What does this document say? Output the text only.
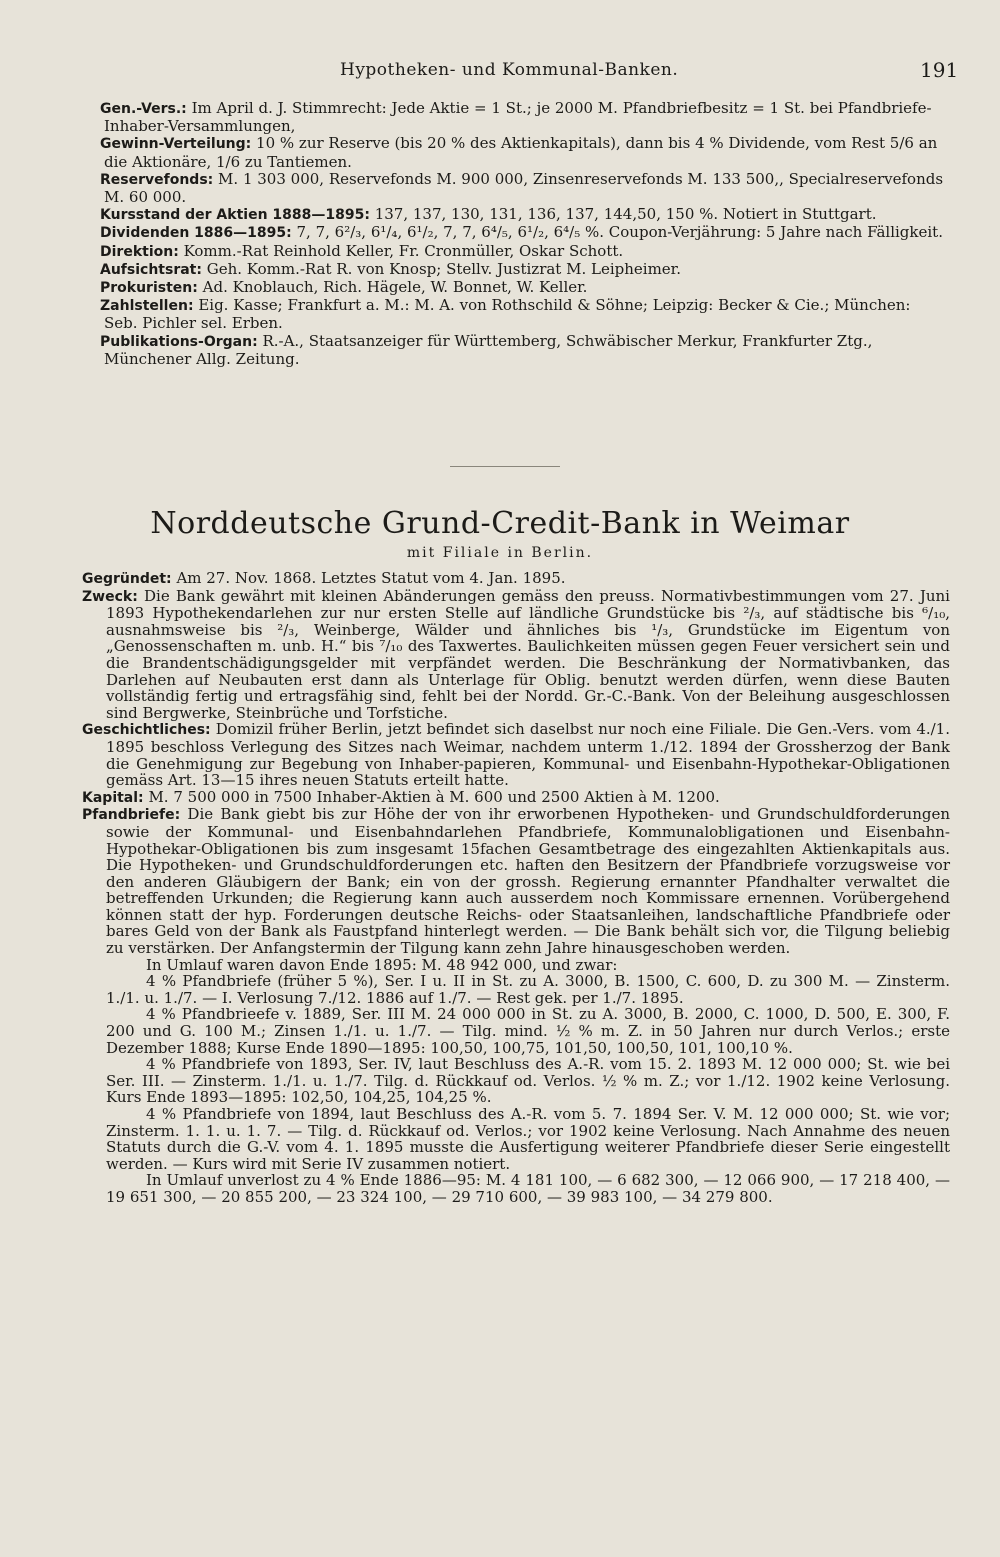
Hypotheken- und Kommunal-Banken.	191

Gen.-Vers.: Im April d. J. Stimmrecht: Jede Aktie = 1 St.; je 2000 M. Pfandbriefbesitz = 1 St. bei Pfandbriefe-Inhaber-Versammlungen,

Gewinn-Verteilung: 10 % zur Reserve (bis 20 % des Aktienkapitals), dann bis 4 % Dividende, vom Rest 5/6 an die Aktionäre, 1/6 zu Tantiemen.

Reservefonds: M. 1 303 000, Reservefonds M. 900 000, Zinsenreservefonds M. 133 500,, Specialreservefonds M. 60 000.

Kursstand der Aktien 1888—1895: 137, 137, 130, 131, 136, 137, 144,50, 150 %. Notiert in Stuttgart.

Dividenden 1886—1895: 7, 7, 6²/₃, 6¹/₄, 6¹/₂, 7, 7, 6⁴/₅, 6¹/₂, 6⁴/₅ %. Coupon-Verjährung: 5 Jahre nach Fälligkeit.

Direktion: Komm.-Rat Reinhold Keller, Fr. Cronmüller, Oskar Schott.

Aufsichtsrat: Geh. Komm.-Rat R. von Knosp; Stellv. Justizrat M. Leipheimer.

Prokuristen: Ad. Knoblauch, Rich. Hägele, W. Bonnet, W. Keller.

Zahlstellen: Eig. Kasse; Frankfurt a. M.: M. A. von Rothschild & Söhne; Leipzig: Becker & Cie.; München: Seb. Pichler sel. Erben.

Publikations-Organ: R.-A., Staatsanzeiger für Württemberg, Schwäbischer Merkur, Frankfurter Ztg., Münchener Allg. Zeitung.

Norddeutsche Grund-Credit-Bank in Weimar
mit Filiale in Berlin.

Gegründet: Am 27. Nov. 1868. Letztes Statut vom 4. Jan. 1895.

Zweck: Die Bank gewährt mit kleinen Abänderungen gemäss den preuss. Normativbestimmungen vom 27. Juni 1893 Hypothekendarlehen zur nur ersten Stelle auf ländliche Grundstücke bis ²/₃, auf städtische bis ⁶/₁₀, ausnahmsweise bis ²/₃, Weinberge, Wälder und ähnliches bis ¹/₃, Grundstücke im Eigentum von „Genossenschaften m. unb. H.“ bis ⁷/₁₀ des Taxwertes. Baulichkeiten müssen gegen Feuer versichert sein und die Brandentschädigungsgelder mit verpfändet werden. Die Beschränkung der Normativbanken, das Darlehen auf Neubauten erst dann als Unterlage für Oblig. benutzt werden dürfen, wenn diese Bauten vollständig fertig und ertragsfähig sind, fehlt bei der Nordd. Gr.-C.-Bank. Von der Beleihung ausgeschlossen sind Bergwerke, Steinbrüche und Torfstiche.

Geschichtliches: Domizil früher Berlin, jetzt befindet sich daselbst nur noch eine Filiale. Die Gen.-Vers. vom 4./1. 1895 beschloss Verlegung des Sitzes nach Weimar, nachdem unterm 1./12. 1894 der Grossherzog der Bank die Genehmigung zur Begebung von Inhaber-papieren, Kommunal- und Eisenbahn-Hypothekar-Obligationen gemäss Art. 13—15 ihres neuen Statuts erteilt hatte.

Kapital: M. 7 500 000 in 7500 Inhaber-Aktien à M. 600 und 2500 Aktien à M. 1200.

Pfandbriefe: Die Bank giebt bis zur Höhe der von ihr erworbenen Hypotheken- und Grundschuldforderungen sowie der Kommunal- und Eisenbahndarlehen Pfandbriefe, Kommunalobligationen und Eisenbahn-Hypothekar-Obligationen bis zum insgesamt 15fachen Gesamtbetrage des eingezahlten Aktienkapitals aus. Die Hypotheken- und Grundschuldforderungen etc. haften den Besitzern der Pfandbriefe vorzugsweise vor den anderen Gläubigern der Bank; ein von der grossh. Regierung ernannter Pfandhalter verwaltet die betreffenden Urkunden; die Regierung kann auch ausserdem noch Kommissare ernennen. Vorübergehend können statt der hyp. Forderungen deutsche Reichs- oder Staatsanleihen, landschaftliche Pfandbriefe oder bares Geld von der Bank als Faustpfand hinterlegt werden. — Die Bank behält sich vor, die Tilgung beliebig zu verstärken. Der Anfangstermin der Tilgung kann zehn Jahre hinausgeschoben werden.

In Umlauf waren davon Ende 1895: M. 48 942 000, und zwar:

4 % Pfandbriefe (früher 5 %), Ser. I u. II in St. zu A. 3000, B. 1500, C. 600, D. zu 300 M. — Zinsterm. 1./1. u. 1./7. — I. Verlosung 7./12. 1886 auf 1./7. — Rest gek. per 1./7. 1895.

4 % Pfandbrieefe v. 1889, Ser. III M. 24 000 000 in St. zu A. 3000, B. 2000, C. 1000, D. 500, E. 300, F. 200 und G. 100 M.; Zinsen 1./1. u. 1./7. — Tilg. mind. ½ % m. Z. in 50 Jahren nur durch Verlos.; erste Dezember 1888; Kurse Ende 1890—1895: 100,50, 100,75, 101,50, 100,50, 101, 100,10 %.

4 % Pfandbriefe von 1893, Ser. IV, laut Beschluss des A.-R. vom 15. 2. 1893 M. 12 000 000; St. wie bei Ser. III. — Zinsterm. 1./1. u. 1./7. Tilg. d. Rückkauf od. Verlos. ½ % m. Z.; vor 1./12. 1902 keine Verlosung. Kurs Ende 1893—1895: 102,50, 104,25, 104,25 %.

4 % Pfandbriefe von 1894, laut Beschluss des A.-R. vom 5. 7. 1894 Ser. V. M. 12 000 000; St. wie vor; Zinsterm. 1. 1. u. 1. 7. — Tilg. d. Rückkauf od. Verlos.; vor 1902 keine Verlosung. Nach Annahme des neuen Statuts durch die G.-V. vom 4. 1. 1895 musste die Ausfertigung weiterer Pfandbriefe dieser Serie eingestellt werden. — Kurs wird mit Serie IV zusammen notiert.

In Umlauf unverlost zu 4 % Ende 1886—95: M. 4 181 100, — 6 682 300, — 12 066 900, — 17 218 400, — 19 651 300, — 20 855 200, — 23 324 100, — 29 710 600, — 39 983 100, — 34 279 800.
